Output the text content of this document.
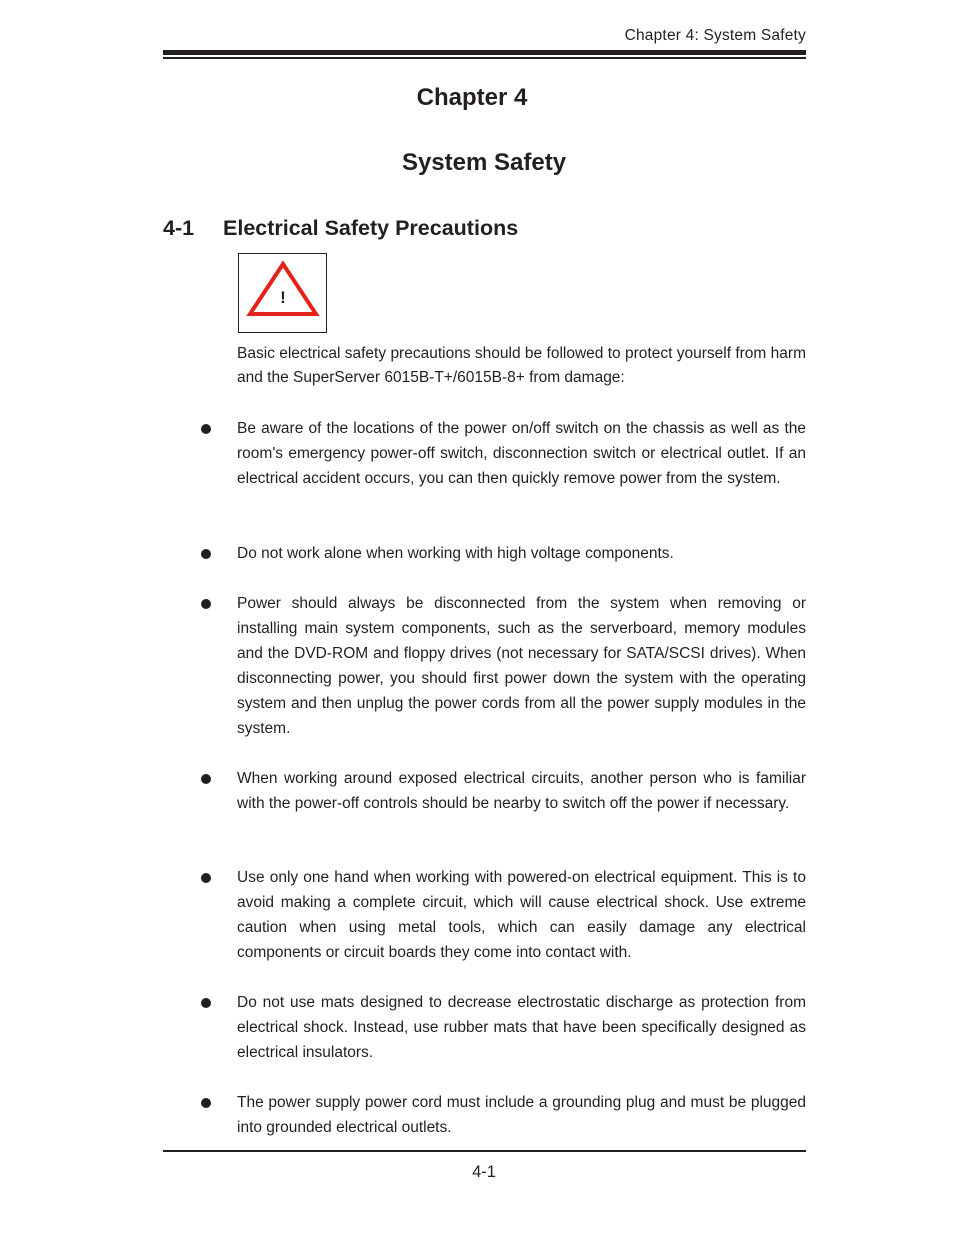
Chapter 4: System Safety
Chapter 4
System Safety
4-1 Electrical Safety Precautions
!

Basic electrical safety precautions should be followed to protect yourself from harm and the SuperServer 6015B-T+/6015B-8+ from damage:

Be aware of the locations of the power on/off switch on the chassis as well as the room's emergency power-off switch, disconnection switch or electrical outlet. If an electrical accident occurs, you can then quickly remove power from the system.

Do not work alone when working with high voltage components.

Power should always be disconnected from the system when removing or installing main system components, such as the serverboard, memory modules and the DVD-ROM and floppy drives (not necessary for SATA/SCSI drives). When disconnecting power, you should first power down the system with the operating system and then unplug the power cords from all the power supply modules in the system.

When working around exposed electrical circuits, another person who is familiar with the power-off controls should be nearby to switch off the power if necessary.

Use only one hand when working with powered-on electrical equipment. This is to avoid making a complete circuit, which will cause electrical shock. Use extreme caution when using metal tools, which can easily damage any electrical components or circuit boards they come into contact with.

Do not use mats designed to decrease electrostatic discharge as protection from electrical shock. Instead, use rubber mats that have been specifically designed as electrical insulators.

The power supply power cord must include a grounding plug and must be plugged into grounded electrical outlets.

4-1
